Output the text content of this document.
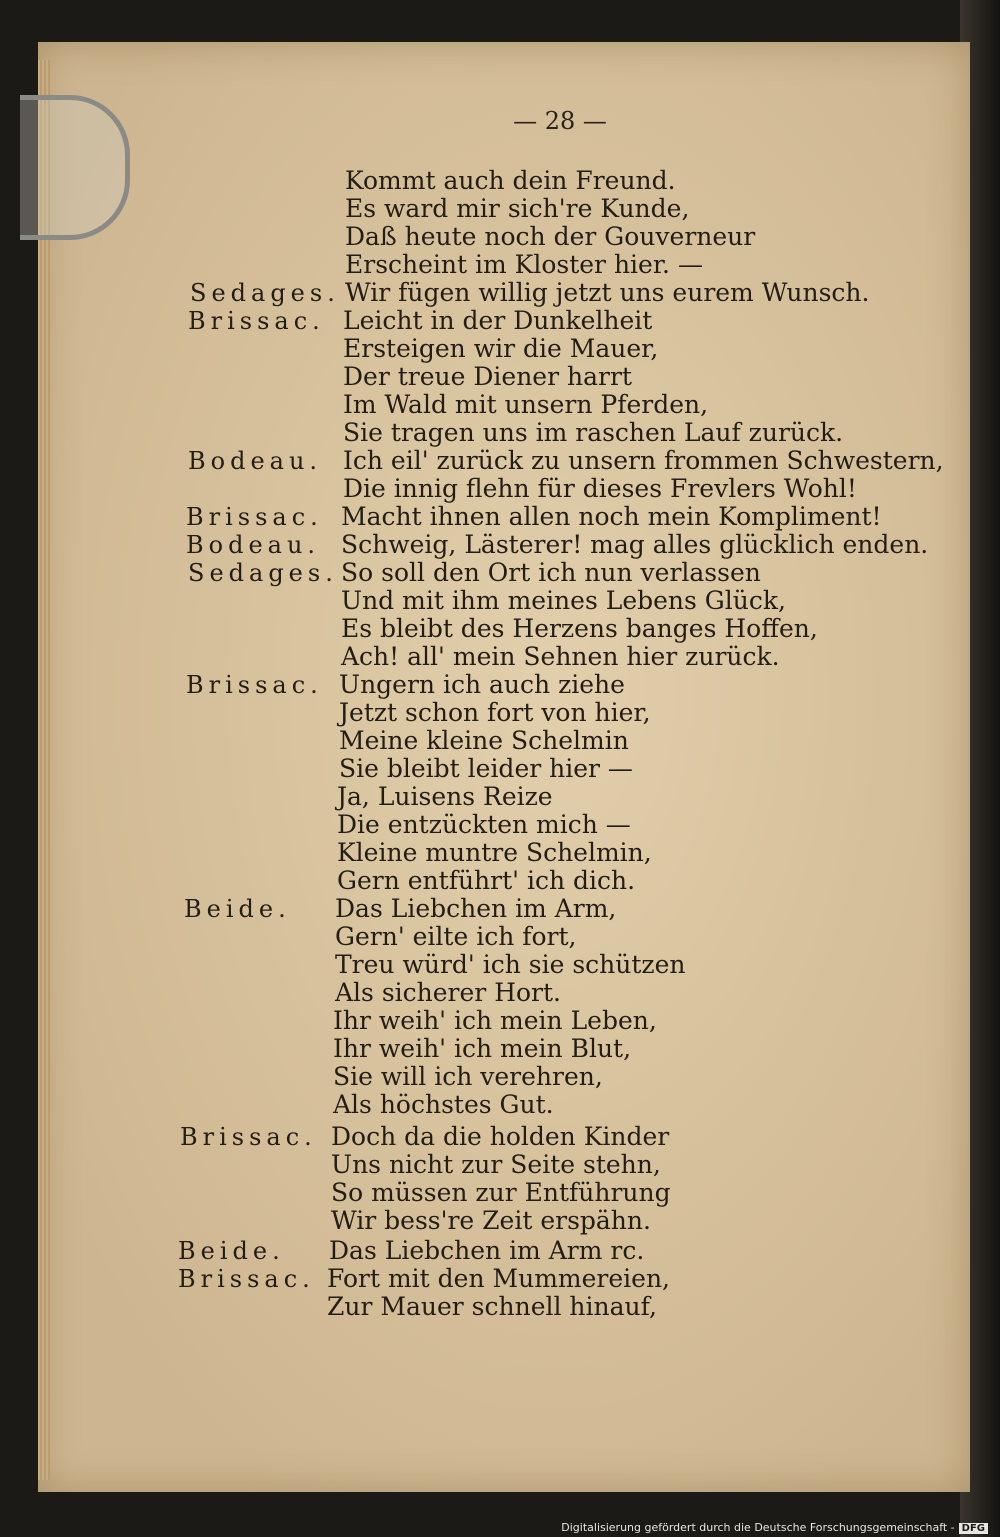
— 28 —
Sedages.
Brissac.
Bodeau.
Brissac.
Bodeau.
Sedages.
Brissac.
Beide.
Brissac.
Beide.
Brissac.
Kommt auch dein Freund.
Es ward mir sich're Kunde,
Daß heute noch der Gouverneur
Erscheint im Kloster hier. —
Wir fügen willig jetzt uns eurem Wunsch.
Leicht in der Dunkelheit
Ersteigen wir die Mauer,
Der treue Diener harrt
Im Wald mit unsern Pferden,
Sie tragen uns im raschen Lauf zurück.
Ich eil' zurück zu unsern frommen Schwestern,
Die innig flehn für dieses Frevlers Wohl!
Macht ihnen allen noch mein Kompliment!
Schweig, Lästerer! mag alles glücklich enden.
So soll den Ort ich nun verlassen
Und mit ihm meines Lebens Glück,
Es bleibt des Herzens banges Hoffen,
Ach! all' mein Sehnen hier zurück.
Ungern ich auch ziehe
Jetzt schon fort von hier,
Meine kleine Schelmin
Sie bleibt leider hier —
Ja, Luisens Reize
Die entzückten mich —
Kleine muntre Schelmin,
Gern entführt' ich dich.
Das Liebchen im Arm,
Gern' eilte ich fort,
Treu würd' ich sie schützen
Als sicherer Hort.
Ihr weih' ich mein Leben,
Ihr weih' ich mein Blut,
Sie will ich verehren,
Als höchstes Gut.
Doch da die holden Kinder
Uns nicht zur Seite stehn,
So müssen zur Entführung
Wir bess're Zeit erspähn.
Das Liebchen im Arm rc.
Fort mit den Mummereien,
Zur Mauer schnell hinauf,
Digitalisierung gefördert durch die Deutsche Forschungsgemeinschaft - DFG
